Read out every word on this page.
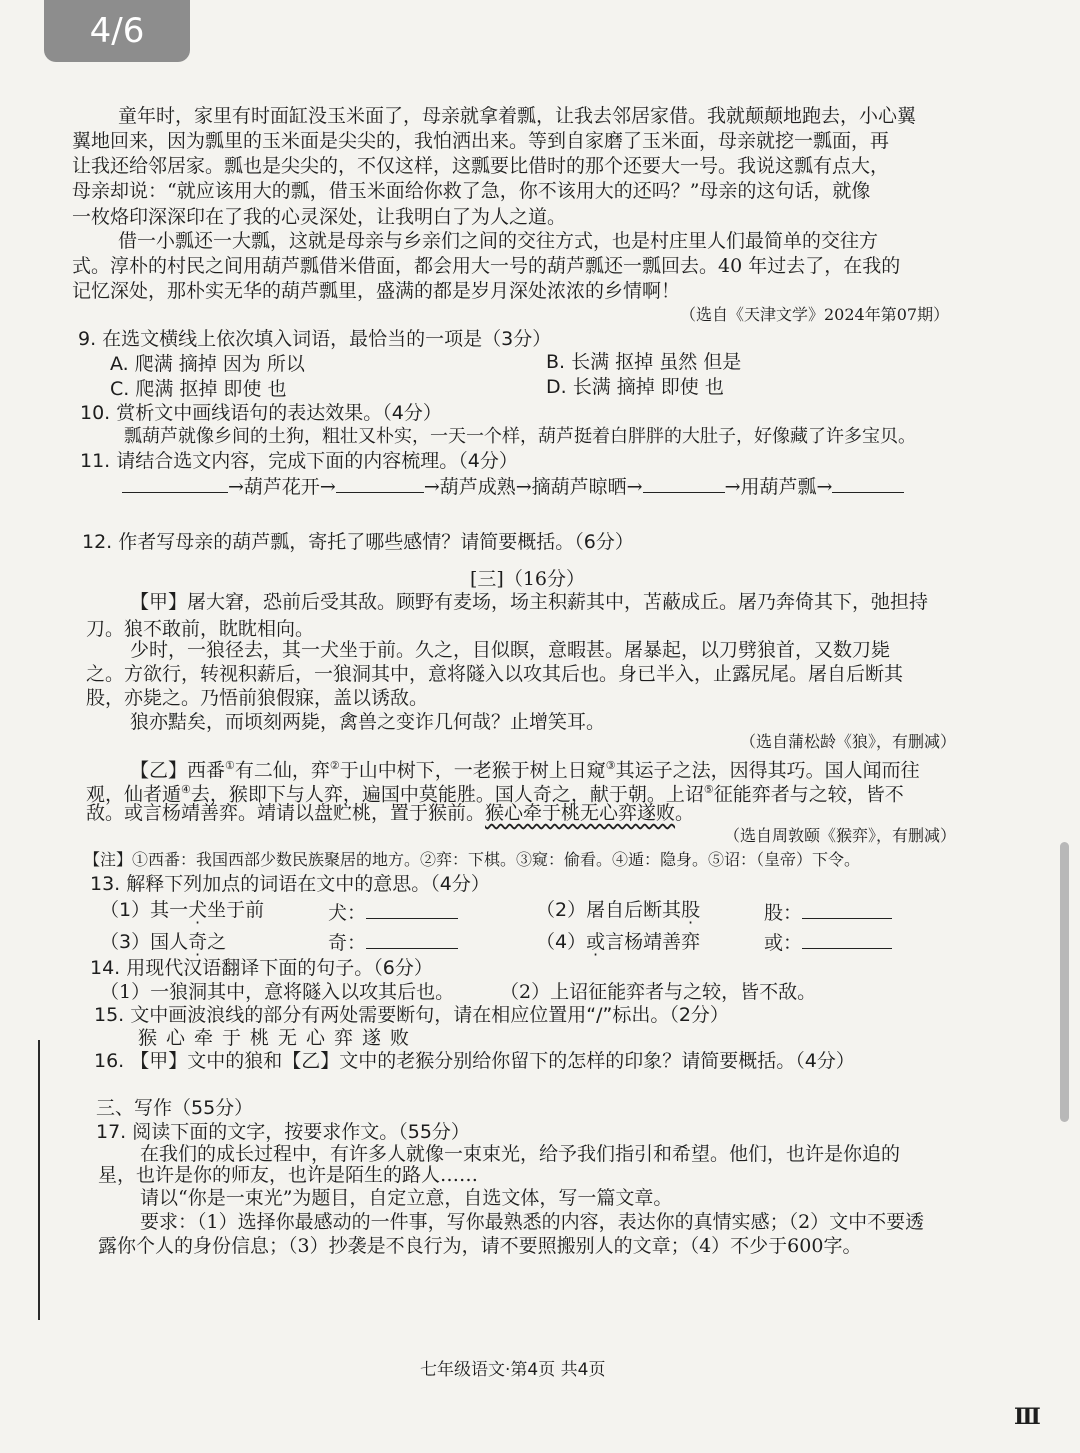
4/6
童年时，家里有时面缸没玉米面了，母亲就拿着瓢，让我去邻居家借。我就颠颠地跑去，小心翼
翼地回来，因为瓢里的玉米面是尖尖的，我怕洒出来。等到自家磨了玉米面，母亲就挖一瓢面，再
让我还给邻居家。瓢也是尖尖的，不仅这样，这瓢要比借时的那个还要大一号。我说这瓢有点大，
母亲却说：“就应该用大的瓢，借玉米面给你救了急，你不该用大的还吗？”母亲的这句话，就像
一枚烙印深深印在了我的心灵深处，让我明白了为人之道。
借一小瓢还一大瓢，这就是母亲与乡亲们之间的交往方式，也是村庄里人们最简单的交往方
式。淳朴的村民之间用葫芦瓢借米借面，都会用大一号的葫芦瓢还一瓢回去。40 年过去了，在我的
记忆深处，那朴实无华的葫芦瓢里，盛满的都是岁月深处浓浓的乡情啊！
（选自《天津文学》2024年第07期）
9. 在选文横线上依次填入词语，最恰当的一项是（3分）
A. 爬满 摘掉 因为 所以	B. 长满 抠掉 虽然 但是
C. 爬满 抠掉 即使 也	D. 长满 摘掉 即使 也
10. 赏析文中画线语句的表达效果。（4分）
瓢葫芦就像乡间的土狗，粗壮又朴实，一天一个样，葫芦挺着白胖胖的大肚子，好像藏了许多宝贝。
11. 请结合选文内容，完成下面的内容梳理。（4分）
→葫芦花开→	→葫芦成熟→摘葫芦晾晒→	→用葫芦瓢→
12. 作者写母亲的葫芦瓢，寄托了哪些感情？请简要概括。（6分）
[三]（16分）
【甲】屠大窘，恐前后受其敌。顾野有麦场，场主积薪其中，苫蔽成丘。屠乃奔倚其下，弛担持
刀。狼不敢前，眈眈相向。
少时，一狼径去，其一犬坐于前。久之，目似瞑，意暇甚。屠暴起，以刀劈狼首，又数刀毙
之。方欲行，转视积薪后，一狼洞其中，意将隧入以攻其后也。身已半入，止露尻尾。屠自后断其
股，亦毙之。乃悟前狼假寐，盖以诱敌。
狼亦黠矣，而顷刻两毙，禽兽之变诈几何哉？止增笑耳。
（选自蒲松龄《狼》，有删减）
【乙】西番①有二仙，弈②于山中树下，一老猴于树上日窥③其运子之法，因得其巧。国人闻而往
观，仙者遁④去，猴即下与人弈，遍国中莫能胜。国人奇之，献于朝。上诏⑤征能弈者与之较，皆不
敌。或言杨靖善弈。靖请以盘贮桃，置于猴前。猴心牵于桃无心弈遂败。
（选自周敦颐《猴弈》，有删减）
【注】①西番：我国西部少数民族聚居的地方。②弈：下棋。③窥：偷看。④遁：隐身。⑤诏：（皇帝）下令。
13. 解释下列加点的词语在文中的意思。（4分）
（1）其一犬坐于前	犬：	（2）屠自后断其股	股：
（3）国人奇之	奇：	（4）或言杨靖善弈	或：
14. 用现代汉语翻译下面的句子。（6分）
（1）一狼洞其中，意将隧入以攻其后也。 （2）上诏征能弈者与之较，皆不敌。
15. 文中画波浪线的部分有两处需要断句，请在相应位置用“/”标出。（2分）
猴心牵于桃无心弈遂败
16. 【甲】文中的狼和【乙】文中的老猴分别给你留下的怎样的印象？请简要概括。（4分）
三、写作（55分）
17. 阅读下面的文字，按要求作文。（55分）
在我们的成长过程中，有许多人就像一束束光，给予我们指引和希望。他们，也许是你追的
星，也许是你的师友，也许是陌生的路人……
请以“你是一束光”为题目，自定立意，自选文体，写一篇文章。
要求：（1）选择你最感动的一件事，写你最熟悉的内容，表达你的真情实感；（2）文中不要透
露你个人的身份信息；（3）抄袭是不良行为，请不要照搬别人的文章；（4）不少于600字。
七年级语文·第4页 共4页
Ⅲ
